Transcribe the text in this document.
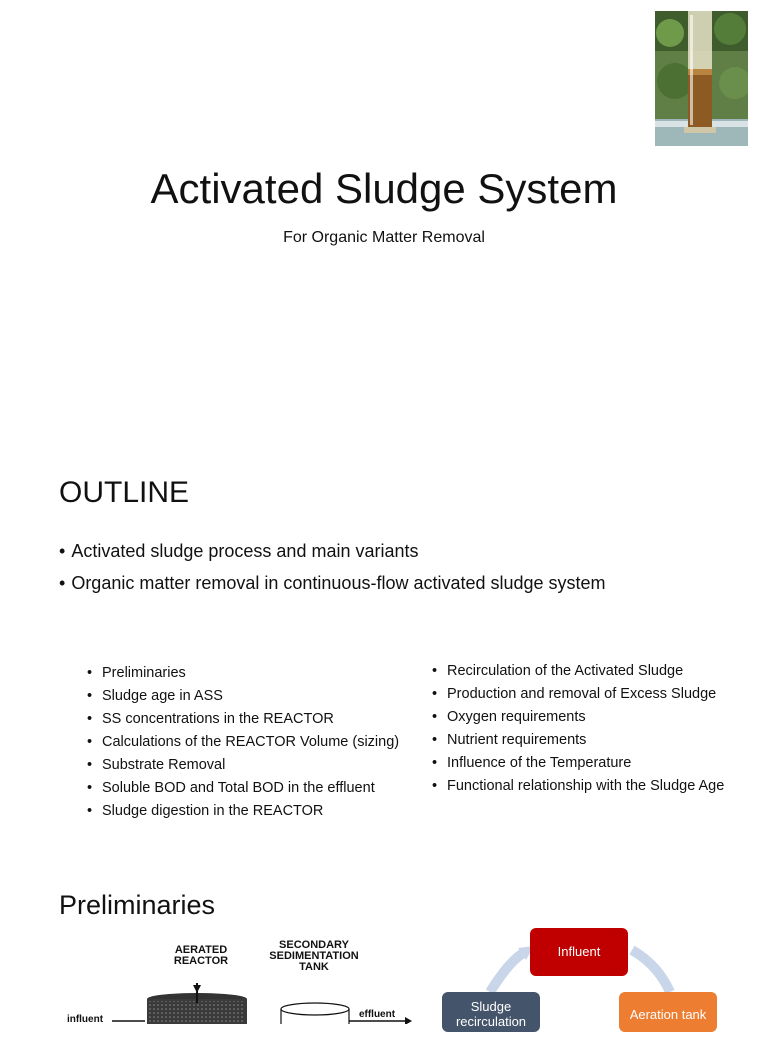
Activated Sludge System
For Organic Matter Removal
OUTLINE
• Activated sludge process and main variants
• Organic matter removal in continuous-flow activated sludge system
• Preliminaries
• Sludge age in ASS
• SS concentrations in the REACTOR
• Calculations of the REACTOR Volume (sizing)
• Substrate Removal
• Soluble BOD and Total BOD in the effluent
• Sludge digestion in the REACTOR
• Recirculation of the Activated Sludge
• Production and removal of Excess Sludge
• Oxygen requirements
• Nutrient requirements
• Influence of the Temperature
• Functional relationship with the Sludge Age
Preliminaries
AERATED
REACTOR
SECONDARY
SEDIMENTATION
TANK
influent	effluent
Influent
Aeration tank
Sludge
recirculation
